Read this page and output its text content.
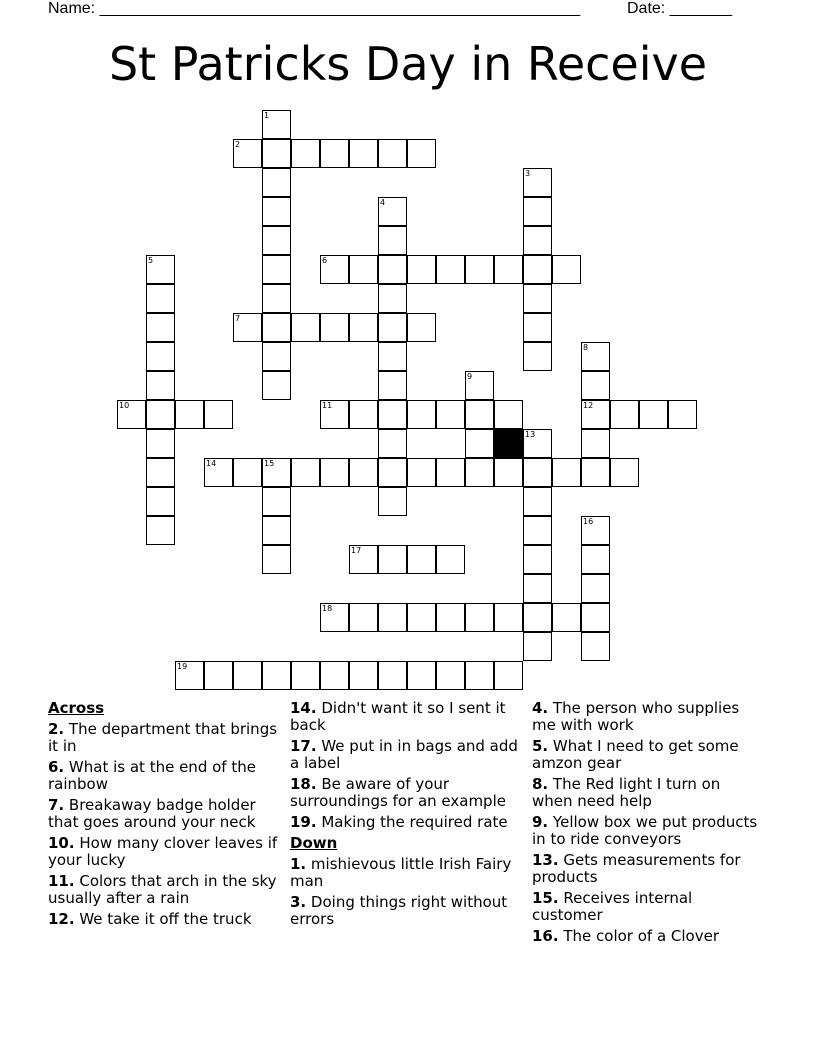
Name: ______________________________________________________	Date: _______
St Patricks Day in Receive
1
2
3
4
5	6
7
8
12
9
10	11
13
14	15
16
17
18
19
Across
2. The department that brings it in
6. What is at the end of the rainbow
7. Breakaway badge holder that goes around your neck
10. How many clover leaves if your lucky
11. Colors that arch in the sky usually after a rain
12. We take it off the truck
14. Didn't want it so I sent it back
17. We put in in bags and add a label
18. Be aware of your surroundings for an example
19. Making the required rate
Down
1. mishievous little Irish Fairy man
3. Doing things right without errors
4. The person who supplies me with work
5. What I need to get some amzon gear
8. The Red light I turn on when need help
9. Yellow box we put products in to ride conveyors
13. Gets measurements for products
15. Receives internal customer
16. The color of a Clover
